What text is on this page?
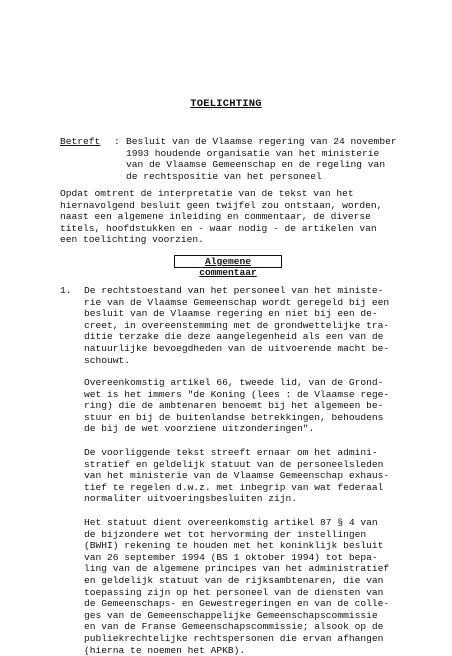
TOELICHTING
Betreft : Besluit van de Vlaamse regering van 24 november
1993 houdende organisatie van het ministerie
van de Vlaamse Gemeenschap en de regeling van
de rechtspositie van het personeel
Opdat omtrent de interpretatie van de tekst van het
hiernavolgend besluit geen twijfel zou ontstaan, worden,
naast een algemene inleiding en commentaar, de diverse
titels, hoofdstukken en - waar nodig - de artikelen van
een toelichting voorzien.
Algemene commentaar
1. De rechtstoestand van het personeel van het ministe-
rie van de Vlaamse Gemeenschap wordt geregeld bij een
besluit van de Vlaamse regering en niet bij een de-
creet, in overeenstemming met de grondwettelijke tra-
ditie terzake die deze aangelegenheid als een van de
natuurlijke bevoegdheden van de uitvoerende macht be-
schouwt.
Overeenkomstig artikel 66, tweede lid, van de Grond-
wet is het immers "de Koning (lees : de Vlaamse rege-
ring) die de ambtenaren benoemt bij het algemeen be-
stuur en bij de buitenlandse betrekkingen, behoudens
de bij de wet voorziene uitzonderingen".
De voorliggende tekst streeft ernaar om het admini-
stratief en geldelijk statuut van de personeelsleden
van het ministerie van de Vlaamse Gemeenschap exhaus-
tief te regelen d.w.z. met inbegrip van wat federaal
normaliter uitvoeringsbesluiten zijn.
Het statuut dient overeenkomstig artikel 87 § 4 van
de bijzondere wet tot hervorming der instellingen
(BWHI) rekening te houden met het koninklijk besluit
van 26 september 1994 (BS 1 oktober 1994) tot bepa-
ling van de algemene principes van het administratief
en geldelijk statuut van de rijksambtenaren, die van
toepassing zijn op het personeel van de diensten van
de Gemeenschaps- en Gewestregeringen en van de colle-
ges van de Gemeenschappelijke Gemeenschapscommissie
en van de Franse Gemeenschapscommissie; alsook op de
publiekrechtelijke rechtspersonen die ervan afhangen
(hierna te noemen het APKB).
